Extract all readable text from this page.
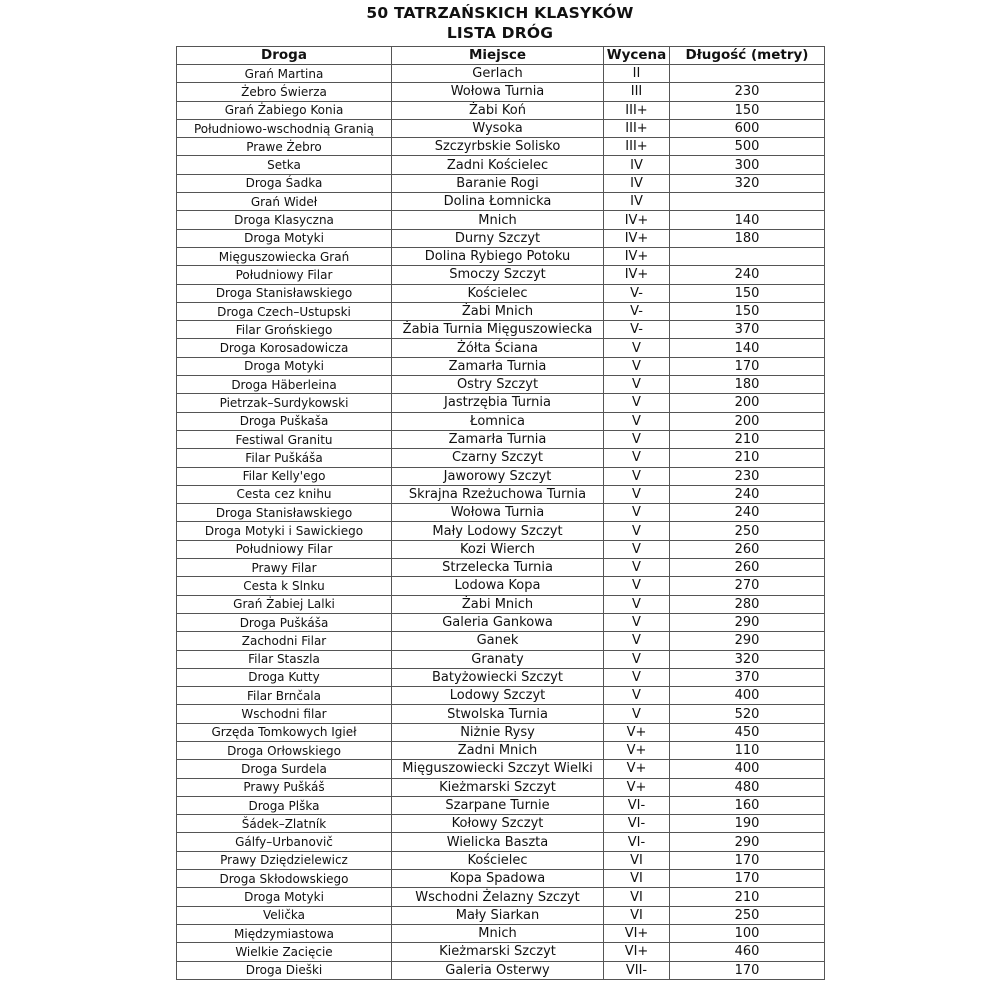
50 TATRZAŃSKICH KLASYKÓW
LISTA DRÓG
Droga	Miejsce	Wycena	Długość (metry)
Grań Martina	Gerlach	II	
Żebro Świerza	Wołowa Turnia	III	230
Grań Żabiego Konia	Żabi Koń	III+	150
Południowo-wschodnią Granią	Wysoka	III+	600
Prawe Żebro	Szczyrbskie Solisko	III+	500
Setka	Zadni Kościelec	IV	300
Droga Śadka	Baranie Rogi	IV	320
Grań Wideł	Dolina Łomnicka	IV	
Droga Klasyczna	Mnich	IV+	140
Droga Motyki	Durny Szczyt	IV+	180
Mięguszowiecka Grań	Dolina Rybiego Potoku	IV+	
Południowy Filar	Smoczy Szczyt	IV+	240
Droga Stanisławskiego	Kościelec	V-	150
Droga Czech–Ustupski	Żabi Mnich	V-	150
Filar Grońskiego	Żabia Turnia Mięguszowiecka	V-	370
Droga Korosadowicza	Żółta Ściana	V	140
Droga Motyki	Zamarła Turnia	V	170
Droga Häberleina	Ostry Szczyt	V	180
Pietrzak–Surdykowski	Jastrzębia Turnia	V	200
Droga Puškaša	Łomnica	V	200
Festiwal Granitu	Zamarła Turnia	V	210
Filar Puškáša	Czarny Szczyt	V	210
Filar Kelly'ego	Jaworowy Szczyt	V	230
Cesta cez knihu	Skrajna Rzeżuchowa Turnia	V	240
Droga Stanisławskiego	Wołowa Turnia	V	240
Droga Motyki i Sawickiego	Mały Lodowy Szczyt	V	250
Południowy Filar	Kozi Wierch	V	260
Prawy Filar	Strzelecka Turnia	V	260
Cesta k Slnku	Lodowa Kopa	V	270
Grań Żabiej Lalki	Żabi Mnich	V	280
Droga Puškáša	Galeria Gankowa	V	290
Zachodni Filar	Ganek	V	290
Filar Staszla	Granaty	V	320
Droga Kutty	Batyżowiecki Szczyt	V	370
Filar Brnčala	Lodowy Szczyt	V	400
Wschodni filar	Stwolska Turnia	V	520
Grzęda Tomkowych Igieł	Niżnie Rysy	V+	450
Droga Orłowskiego	Zadni Mnich	V+	110
Droga Surdela	Mięguszowiecki Szczyt Wielki	V+	400
Prawy Puškáš	Kieżmarski Szczyt	V+	480
Droga Plška	Szarpane Turnie	VI-	160
Šádek–Zlatník	Kołowy Szczyt	VI-	190
Gálfy–Urbanovič	Wielicka Baszta	VI-	290
Prawy Dziędzielewicz	Kościelec	VI	170
Droga Skłodowskiego	Kopa Spadowa	VI	170
Droga Motyki	Wschodni Żelazny Szczyt	VI	210
Velička	Mały Siarkan	VI	250
Międzymiastowa	Mnich	VI+	100
Wielkie Zacięcie	Kieżmarski Szczyt	VI+	460
Droga Dieški	Galeria Osterwy	VII-	170
